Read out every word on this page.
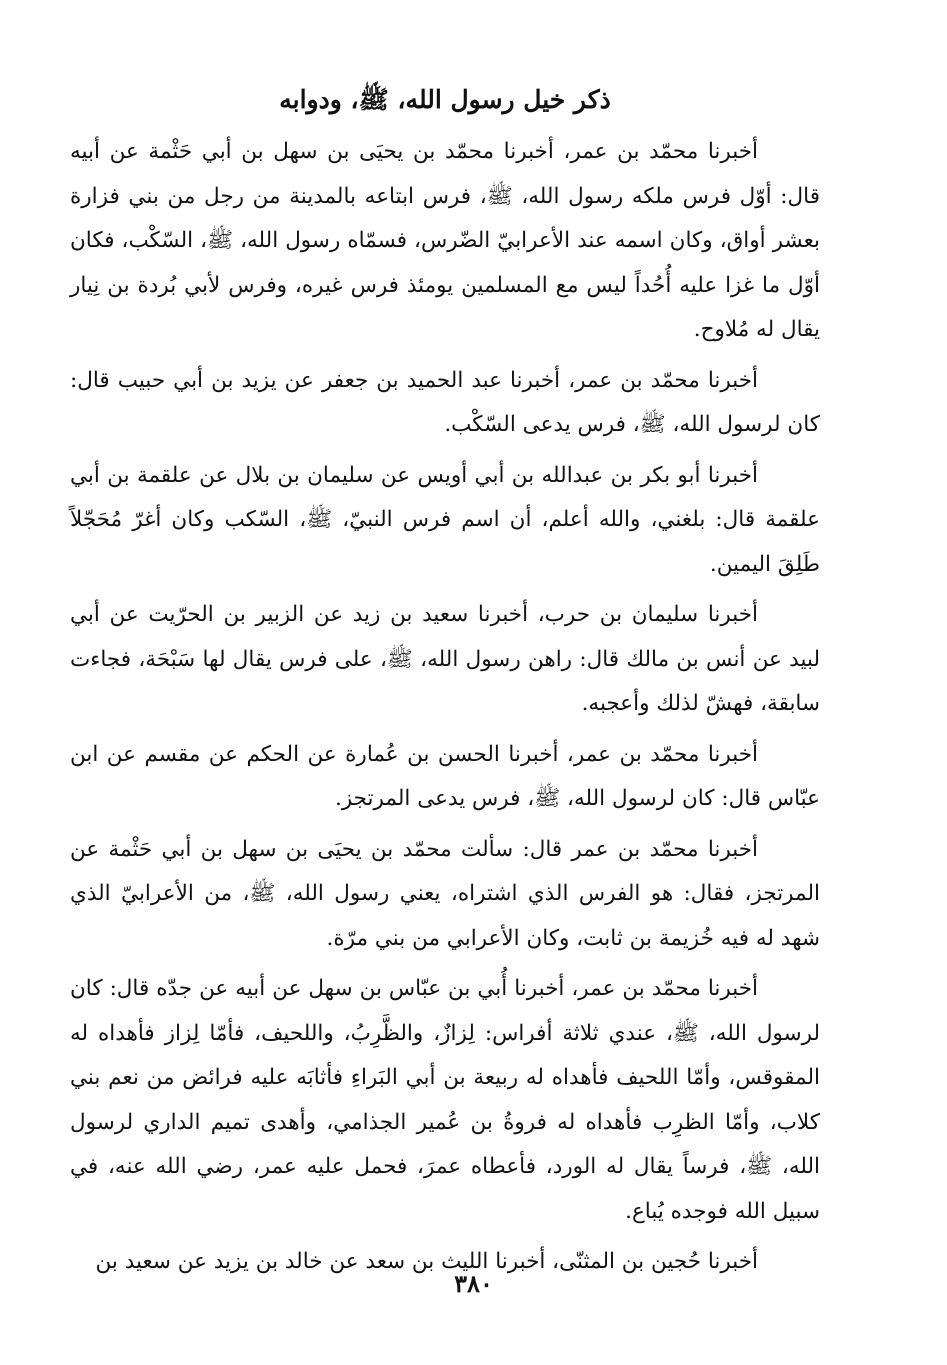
ذكر خيل رسول الله، ﷺ، ودوابه

أخبرنا محمّد بن عمر، أخبرنا محمّد بن يحيَى بن سهل بن أبي حَثْمة عن أبيه قال: أوّل فرس ملكه رسول الله، ﷺ، فرس ابتاعه بالمدينة من رجل من بني فزارة بعشر أواق، وكان اسمه عند الأعرابيّ الضّرس، فسمّاه رسول الله، ﷺ، السّكْب، فكان أوّل ما غزا عليه أُحُداً ليس مع المسلمين يومئذ فرس غيره، وفرس لأبي بُردة بن نِيار يقال له مُلاوح.

أخبرنا محمّد بن عمر، أخبرنا عبد الحميد بن جعفر عن يزيد بن أبي حبيب قال: كان لرسول الله، ﷺ، فرس يدعى السّكْب.

أخبرنا أبو بكر بن عبدالله بن أبي أويس عن سليمان بن بلال عن علقمة بن أبي علقمة قال: بلغني، والله أعلم، أن اسم فرس النبيّ، ﷺ، السّكب وكان أغرّ مُحَجّلاً طَلِقَ اليمين.

أخبرنا سليمان بن حرب، أخبرنا سعيد بن زيد عن الزبير بن الحرّيت عن أبي لبيد عن أنس بن مالك قال: راهن رسول الله، ﷺ، على فرس يقال لها سَبْحَة، فجاءت سابقة، فهشّ لذلك وأعجبه.

أخبرنا محمّد بن عمر، أخبرنا الحسن بن عُمارة عن الحكم عن مقسم عن ابن عبّاس قال: كان لرسول الله، ﷺ، فرس يدعى المرتجز.

أخبرنا محمّد بن عمر قال: سألت محمّد بن يحيَى بن سهل بن أبي حَثْمة عن المرتجز، فقال: هو الفرس الذي اشتراه، يعني رسول الله، ﷺ، من الأعرابيّ الذي شهد له فيه خُزيمة بن ثابت، وكان الأعرابي من بني مرّة.

أخبرنا محمّد بن عمر، أخبرنا أُبي بن عبّاس بن سهل عن أبيه عن جدّه قال: كان لرسول الله، ﷺ، عندي ثلاثة أفراس: لِزازٌ، والظَّرِبُ، واللحيف، فأمّا لِزاز فأهداه له المقوقس، وأمّا اللحيف فأهداه له ربيعة بن أبي البَراءِ فأثابَه عليه فرائض من نعم بني كلاب، وأمّا الظرِب فأهداه له فروةُ بن عُمير الجذامي، وأهدى تميم الداري لرسول الله، ﷺ، فرساً يقال له الورد، فأعطاه عمرَ، فحمل عليه عمر، رضي الله عنه، في سبيل الله فوجده يُباع.

أخبرنا حُجين بن المثنّى، أخبرنا الليث بن سعد عن خالد بن يزيد عن سعيد بن

٣٨٠
